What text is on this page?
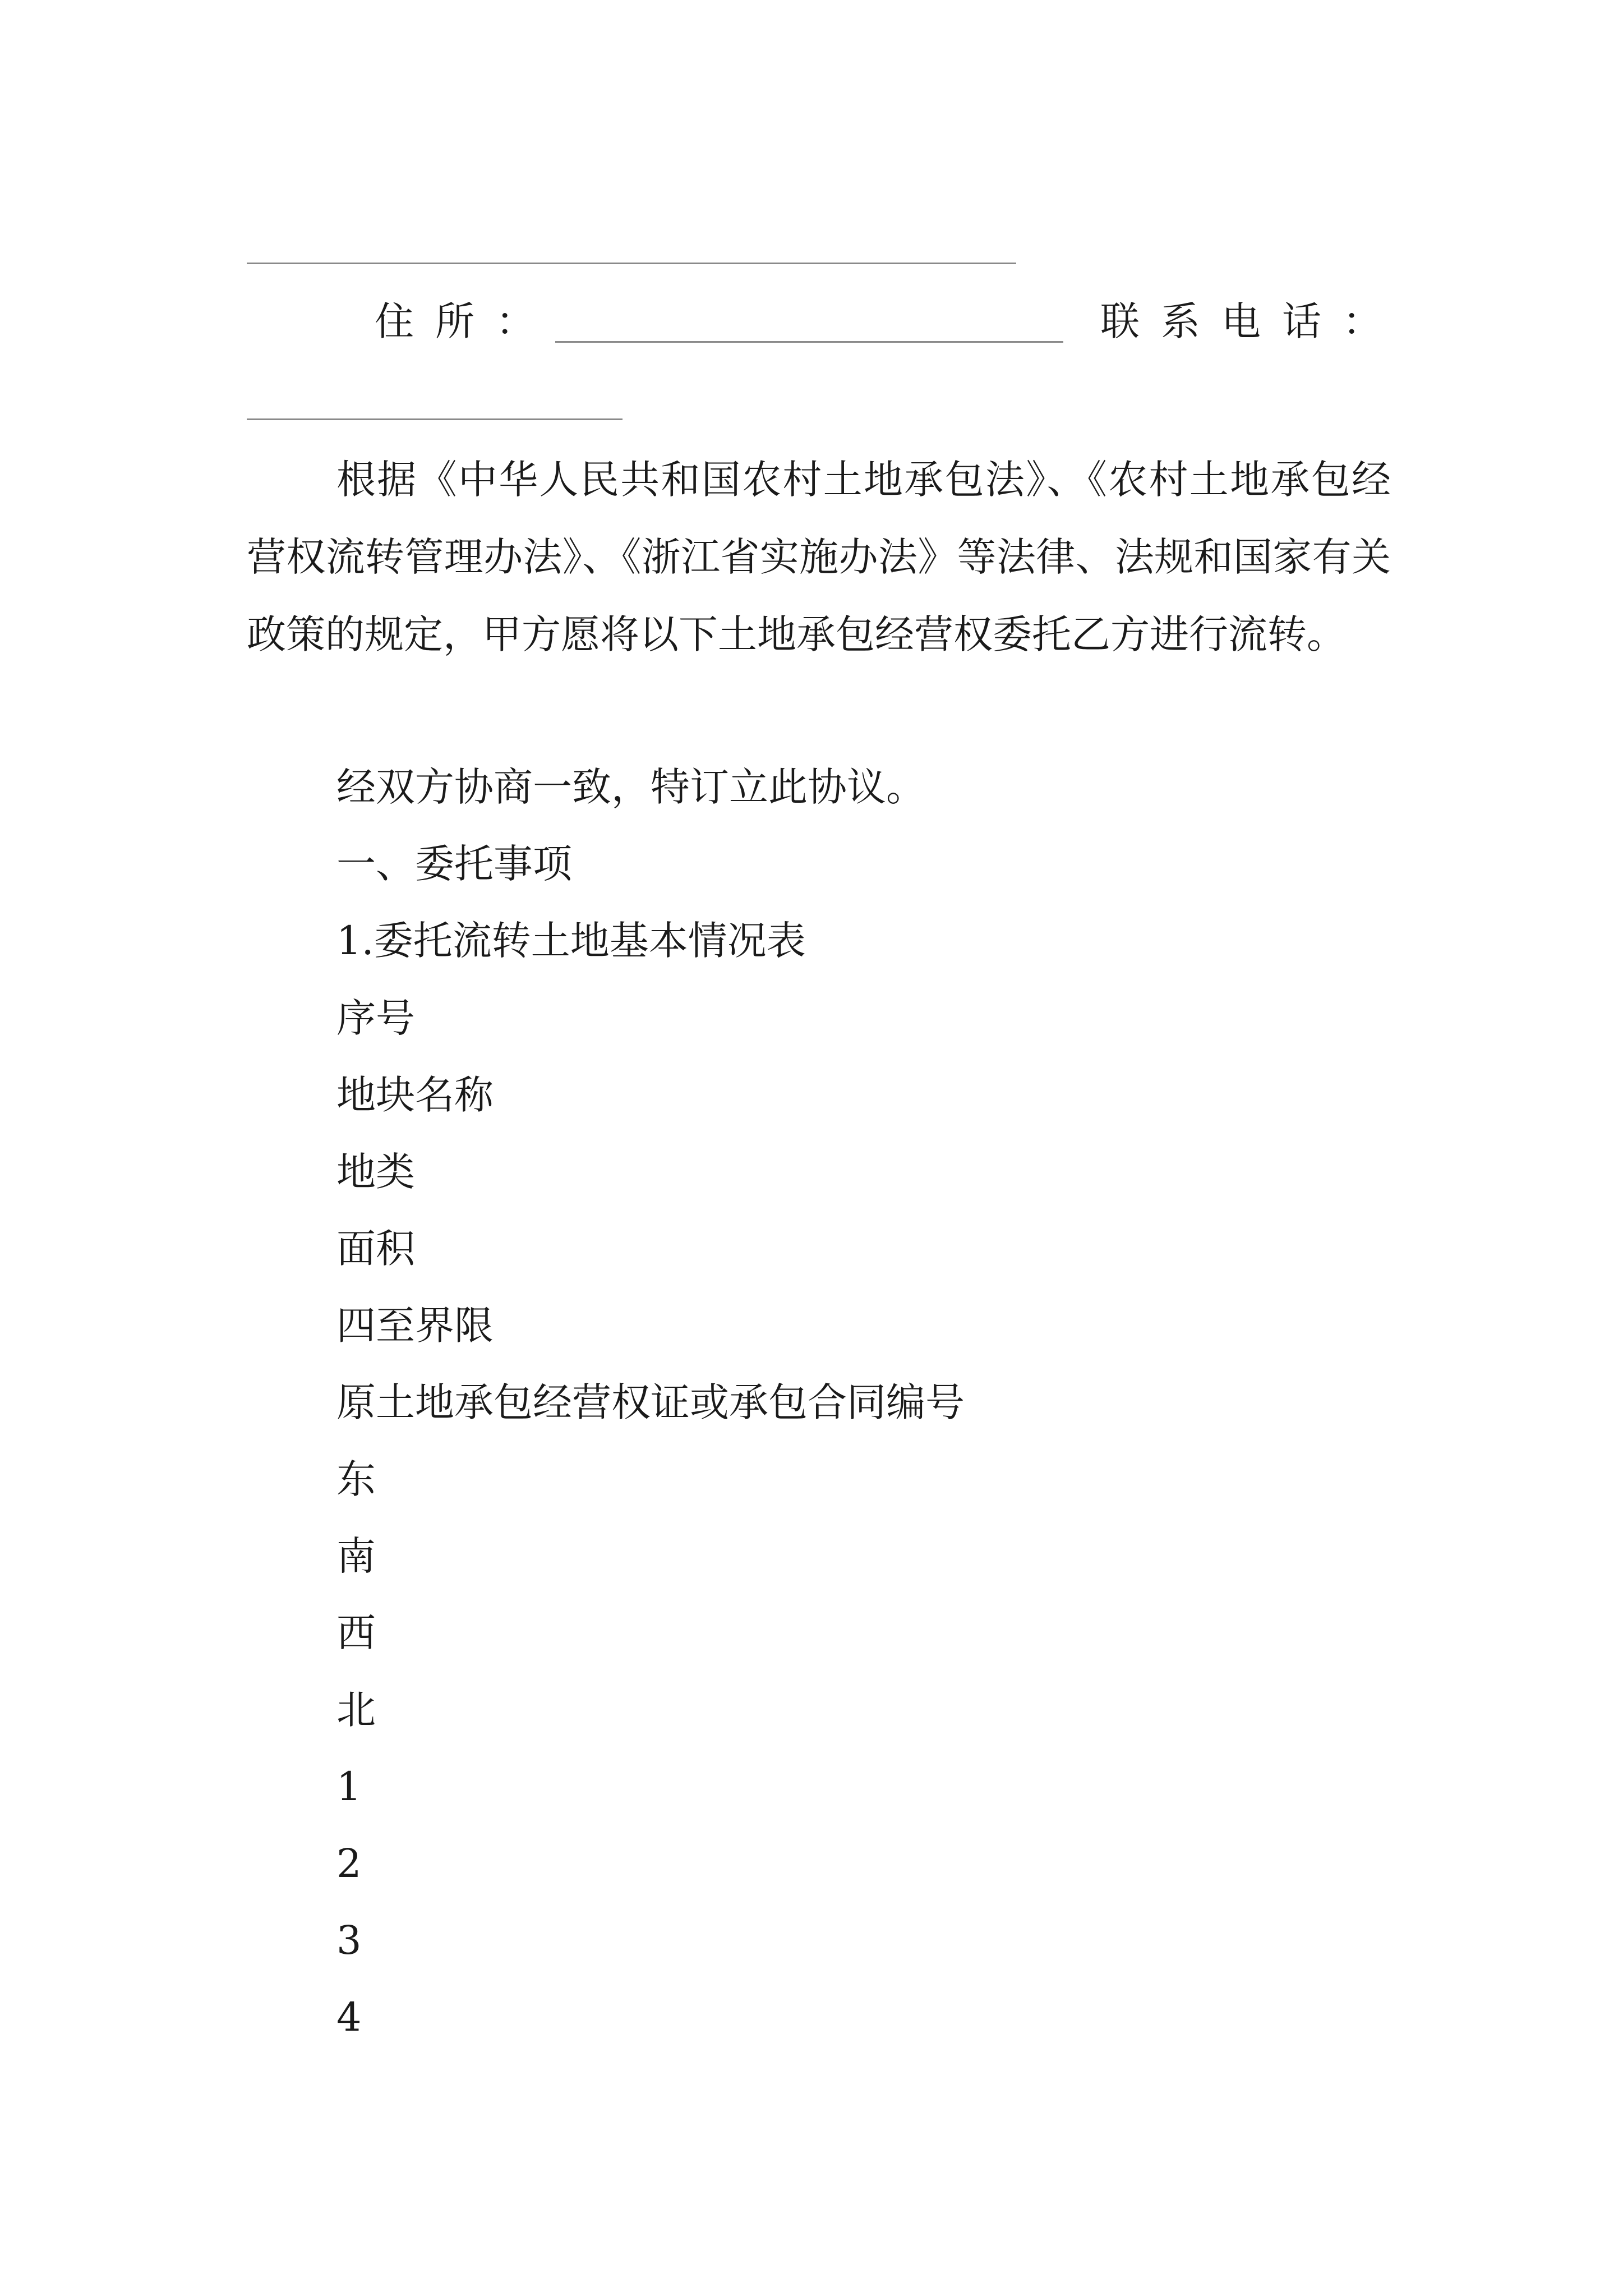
住所：	联系电话：
根据《中华人民共和国农村土地承包法》、《农村土地承包经营权流转管理办法》、《浙江省实施办法》等法律、法规和国家有关政策的规定，甲方愿将以下土地承包经营权委托乙方进行流转。
经双方协商一致，特订立此协议。
一、委托事项
1.委托流转土地基本情况表
序号
地块名称
地类
面积
四至界限
原土地承包经营权证或承包合同编号
东
南
西
北
1
2
3
4
